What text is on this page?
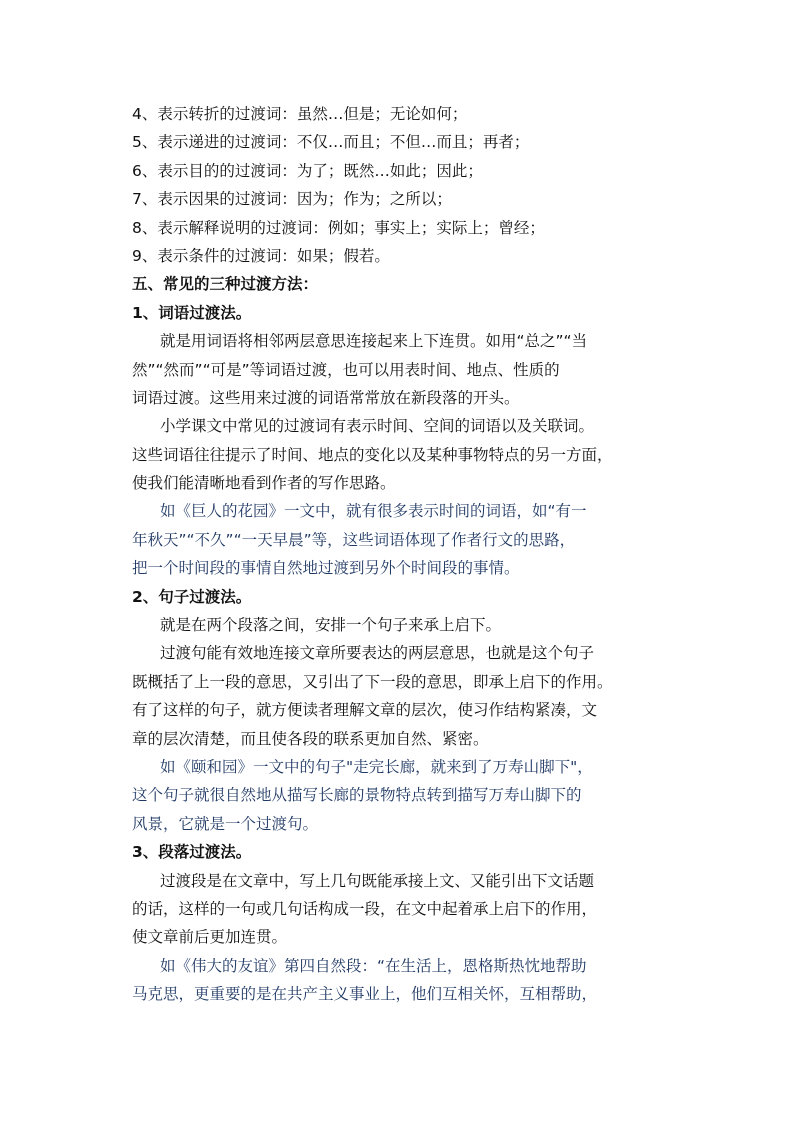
4、表示转折的过渡词：虽然…但是；无论如何；
5、表示递进的过渡词：不仅…而且；不但…而且；再者；
6、表示目的的过渡词：为了；既然…如此；因此；
7、表示因果的过渡词：因为；作为；之所以；
8、表示解释说明的过渡词：例如；事实上；实际上；曾经；
9、表示条件的过渡词：如果；假若。
五、常见的三种过渡方法：
1、词语过渡法。
就是用词语将相邻两层意思连接起来上下连贯。如用“总之”“当
然”“然而”“可是”等词语过渡，也可以用表时间、地点、性质的
词语过渡。这些用来过渡的词语常常放在新段落的开头。
小学课文中常见的过渡词有表示时间、空间的词语以及关联词。
这些词语往往提示了时间、地点的变化以及某种事物特点的另一方面，
使我们能清晰地看到作者的写作思路。
如《巨人的花园》一文中，就有很多表示时间的词语，如“有一
年秋天”“不久”“一天早晨”等，这些词语体现了作者行文的思路，
把一个时间段的事情自然地过渡到另外个时间段的事情。
2、句子过渡法。
就是在两个段落之间，安排一个句子来承上启下。
过渡句能有效地连接文章所要表达的两层意思，也就是这个句子
既概括了上一段的意思，又引出了下一段的意思，即承上启下的作用。
有了这样的句子，就方便读者理解文章的层次，使习作结构紧凑，文
章的层次清楚，而且使各段的联系更加自然、紧密。
如《颐和园》一文中的句子"走完长廊，就来到了万寿山脚下"，
这个句子就很自然地从描写长廊的景物特点转到描写万寿山脚下的
风景，它就是一个过渡句。
3、段落过渡法。
过渡段是在文章中，写上几句既能承接上文、又能引出下文话题
的话，这样的一句或几句话构成一段，在文中起着承上启下的作用，
使文章前后更加连贯。
如《伟大的友谊》第四自然段：“在生活上，恩格斯热忱地帮助
马克思，更重要的是在共产主义事业上，他们互相关怀，互相帮助，
